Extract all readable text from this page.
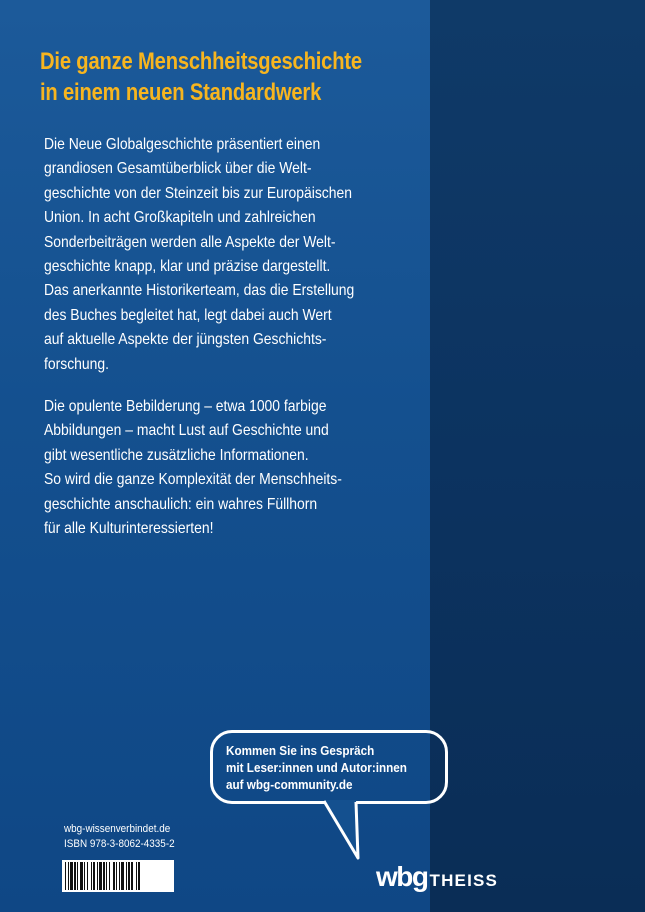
Die ganze Menschheitsgeschichte
in einem neuen Standardwerk
Die Neue Globalgeschichte präsentiert einen
grandiosen Gesamtüberblick über die Welt-
geschichte von der Steinzeit bis zur Europäischen
Union. In acht Großkapiteln und zahlreichen
Sonderbeiträgen werden alle Aspekte der Welt-
geschichte knapp, klar und präzise dargestellt.
Das anerkannte Historikerteam, das die Erstellung
des Buches begleitet hat, legt dabei auch Wert
auf aktuelle Aspekte der jüngsten Geschichts-
forschung.
Die opulente Bebilderung – etwa 1000 farbige
Abbildungen – macht Lust auf Geschichte und
gibt wesentliche zusätzliche Informationen.
So wird die ganze Komplexität der Menschheits-
geschichte anschaulich: ein wahres Füllhorn
für alle Kulturinteressierten!
Kommen Sie ins Gespräch
mit Leser:innen und Autor:innen
auf wbg-community.de
wbg-wissenverbindet.de
ISBN 978-3-8062-4335-2
wbg THEISS
